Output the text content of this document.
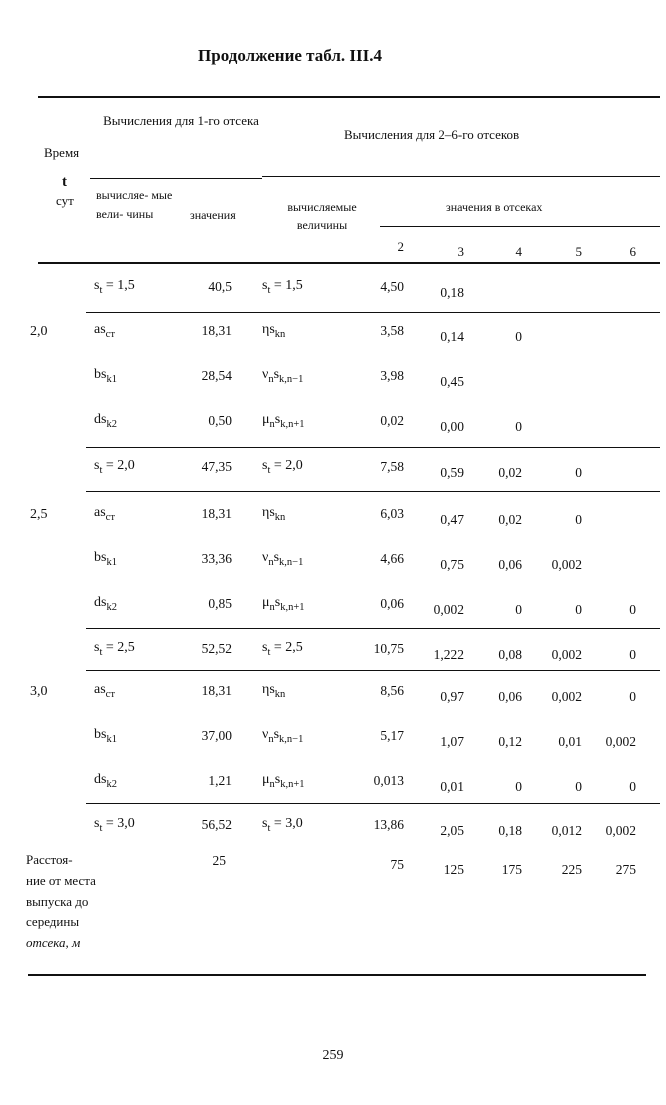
Продолжение табл. III.4
Вычисления для 1-го отсека
Вычисления для 2–6-го отсеков
Время
t
сут вычисляе- мые вели- чины	значения
вычисляемые величины
значения в отсеках
2	3	4	5	6
$s_t = 1,5$	40,5 $s_t = 1,5$	4,50	0,18
2,0	$as_{ст}$	18,31 $\eta s_{kn}$	3,58	0,14	0
$bs_{k1}$	28,54 $\nu_ns_{k,n-1}$	3,98	0,45
$ds_{k2}$	0,50 $\mu_ns_{k,n+1}$	0,02	0,00	0
$s_t = 2,0$	47,35 $s_t = 2,0$	7,58	0,59	0,02	0
2,5	$as_{ст}$	18,31 $\eta s_{kn}$	6,03	0,47	0,02	0
$bs_{k1}$	33,36 $\nu_ns_{k,n-1}$	4,66	0,75	0,06	0,002
$ds_{k2}$	0,85 $\mu_ns_{k,n+1}$	0,06	0,002	0	0	0
$s_t = 2,5$	52,52 $s_t = 2,5$	10,75	1,222	0,08	0,002	0
3,0	$as_{ст}$	18,31 $\eta s_{kn}$	8,56	0,97	0,06	0,002	0
$bs_{k1}$	37,00 $\nu_ns_{k,n-1}$	5,17	1,07	0,12	0,01	0,002
$ds_{k2}$	1,21 $\mu_ns_{k,n+1}$	0,013	0,01	0	0	0
$s_t = 3,0$	56,52 $s_t = 3,0$	13,86	2,05	0,18	0,012	0,002
Расстоя-
ние от места
выпуска до
середины
отсека, м
25	75	125	175	225	275
259
